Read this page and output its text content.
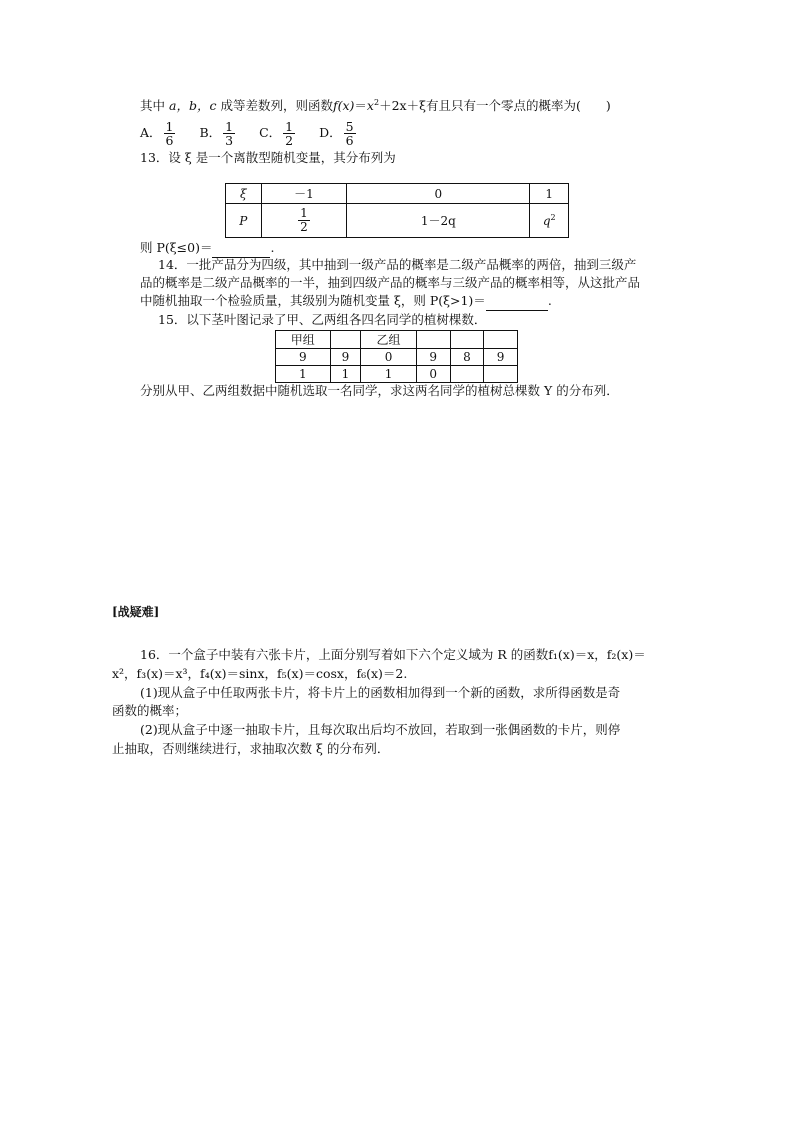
其中 a，b，c 成等差数列，则函数$f(x)=x^2+2x+\xi$有且只有一个零点的概率为(　　)
A． $\frac{1}{6}$ B． $\frac{1}{3}$ C． $\frac{1}{2}$ D． $\frac{5}{6}$
13．设 ξ 是一个离散型随机变量，其分布列为
ξ	－1	0	1
P	$\frac{1}{2}$	1－2q	$q^2$
则 P(ξ≤0)＝	.
14．一批产品分为四级，其中抽到一级产品的概率是二级产品概率的两倍，抽到三级产
品的概率是二级产品概率的一半，抽到四级产品的概率与三级产品的概率相等，从这批产品
中随机抽取一个检验质量，其级别为随机变量 ξ，则 P(ξ>1)＝	.
15．以下茎叶图记录了甲、乙两组各四名同学的植树棵数．
甲组		乙组			
9	9	0	9	8	9
1	1	1	0		
分别从甲、乙两组数据中随机选取一名同学，求这两名同学的植树总棵数 Y 的分布列．
[战疑难]
16．一个盒子中装有六张卡片，上面分别写着如下六个定义域为 R 的函数f₁(x)＝x，f₂(x)＝
x²，f₃(x)＝x³，f₄(x)＝sinx，f₅(x)＝cosx，f₆(x)＝2.
(1)现从盒子中任取两张卡片，将卡片上的函数相加得到一个新的函数，求所得函数是奇
函数的概率；
(2)现从盒子中逐一抽取卡片，且每次取出后均不放回，若取到一张偶函数的卡片，则停
止抽取，否则继续进行，求抽取次数 ξ 的分布列．
